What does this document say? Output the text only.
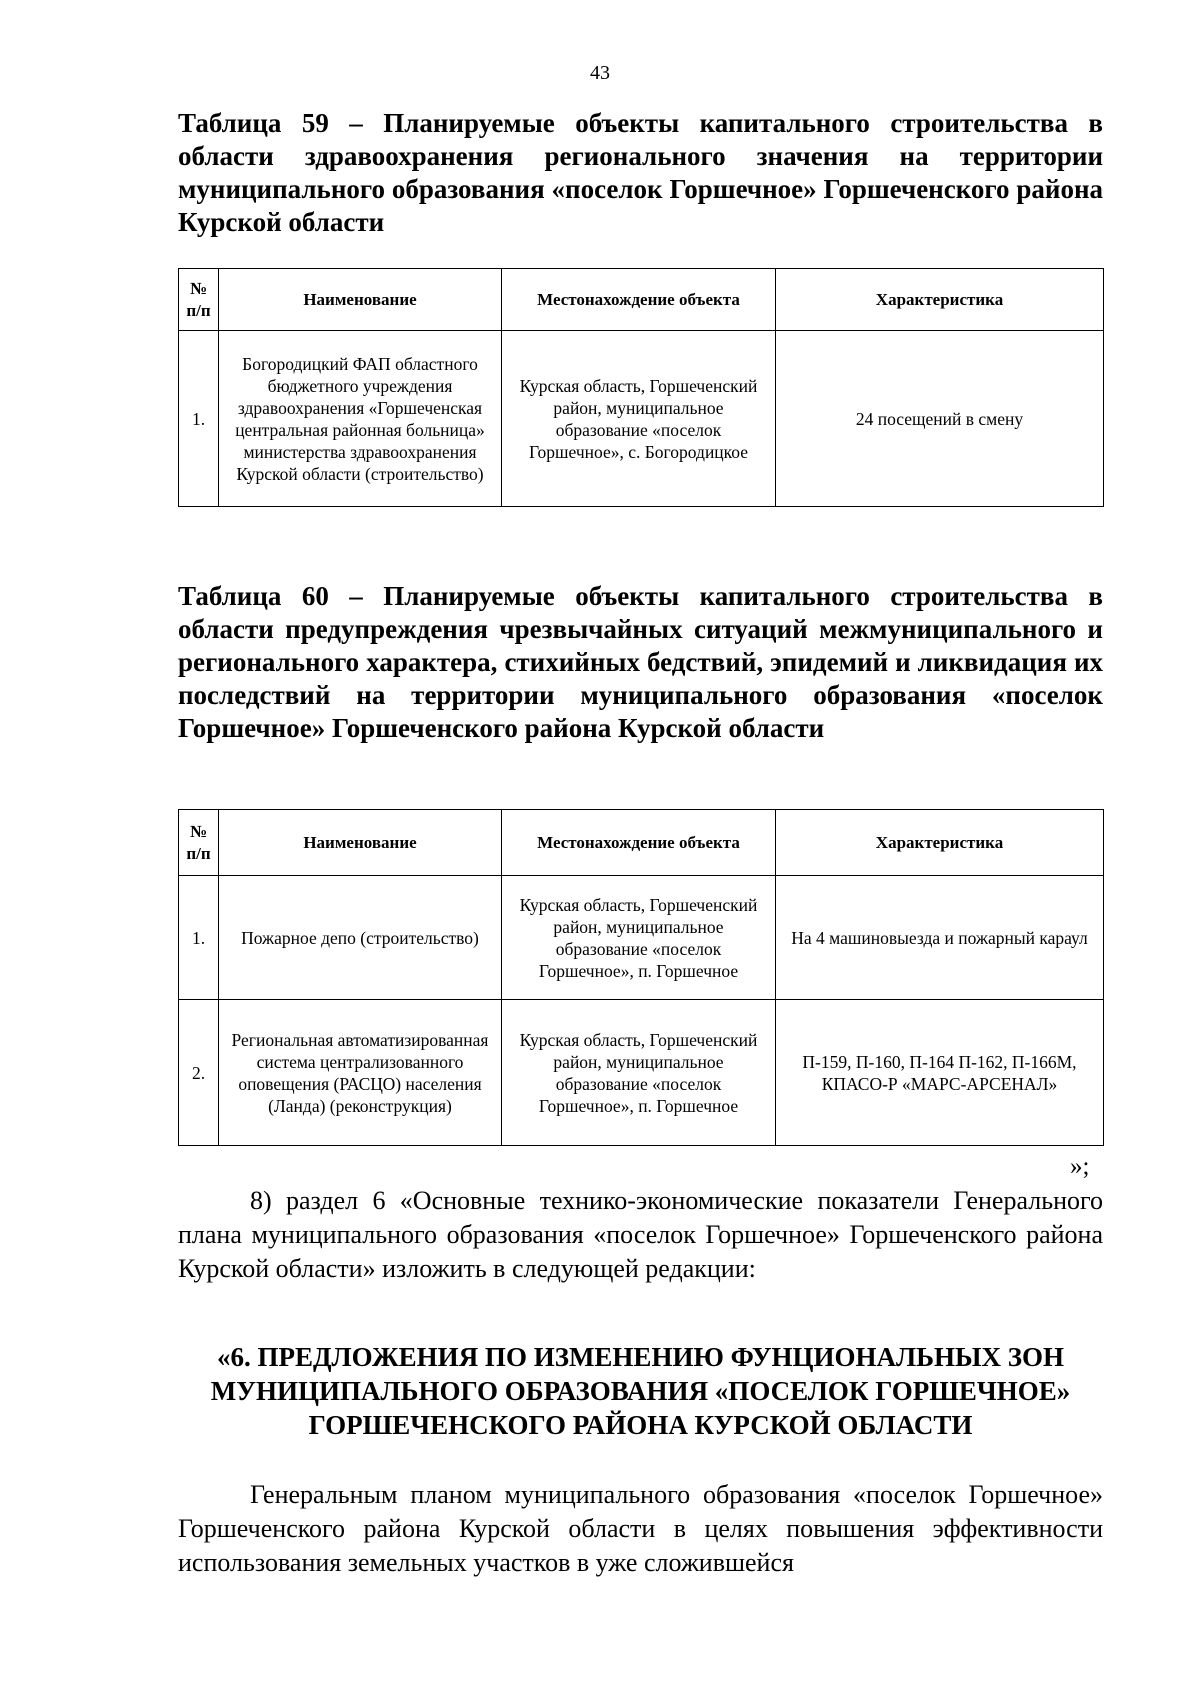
43
Таблица 59 – Планируемые объекты капитального строительства в области здравоохранения регионального значения на территории муниципального образования «поселок Горшечное» Горшеченского района Курской области
№ п/п	Наименование	Местонахождение объекта	Характеристика
1.	Богородицкий ФАП областного бюджетного учреждения здравоохранения «Горшеченская центральная районная больница» министерства здравоохранения Курской области (строительство)	Курская область, Горшеченский район, муниципальное образование «поселок Горшечное», с. Богородицкое	24 посещений в смену
Таблица 60 – Планируемые объекты капитального строительства в области предупреждения чрезвычайных ситуаций межмуниципального и регионального характера, стихийных бедствий, эпидемий и ликвидация их последствий на территории муниципального образования «поселок Горшечное» Горшеченского района Курской области
№ п/п	Наименование	Местонахождение объекта	Характеристика
1.	Пожарное депо (строительство)	Курская область, Горшеченский район, муниципальное образование «поселок Горшечное», п. Горшечное	На 4 машиновыезда и пожарный караул
2.	Региональная автоматизированная система централизованного оповещения (РАСЦО) населения (Ланда) (реконструкция)	Курская область, Горшеченский район, муниципальное образование «поселок Горшечное», п. Горшечное	П-159, П-160, П-164 П-162, П-166М, КПАСО-Р «МАРС-АРСЕНАЛ»
»;
8) раздел 6 «Основные технико-экономические показатели Генерального плана муниципального образования «поселок Горшечное» Горшеченского района Курской области» изложить в следующей редакции:
«6. ПРЕДЛОЖЕНИЯ ПО ИЗМЕНЕНИЮ ФУНЦИОНАЛЬНЫХ ЗОН МУНИЦИПАЛЬНОГО ОБРАЗОВАНИЯ «ПОСЕЛОК ГОРШЕЧНОЕ» ГОРШЕЧЕНСКОГО РАЙОНА КУРСКОЙ ОБЛАСТИ
Генеральным планом муниципального образования «поселок Горшечное» Горшеченского района Курской области в целях повышения эффективности использования земельных участков в уже сложившейся
